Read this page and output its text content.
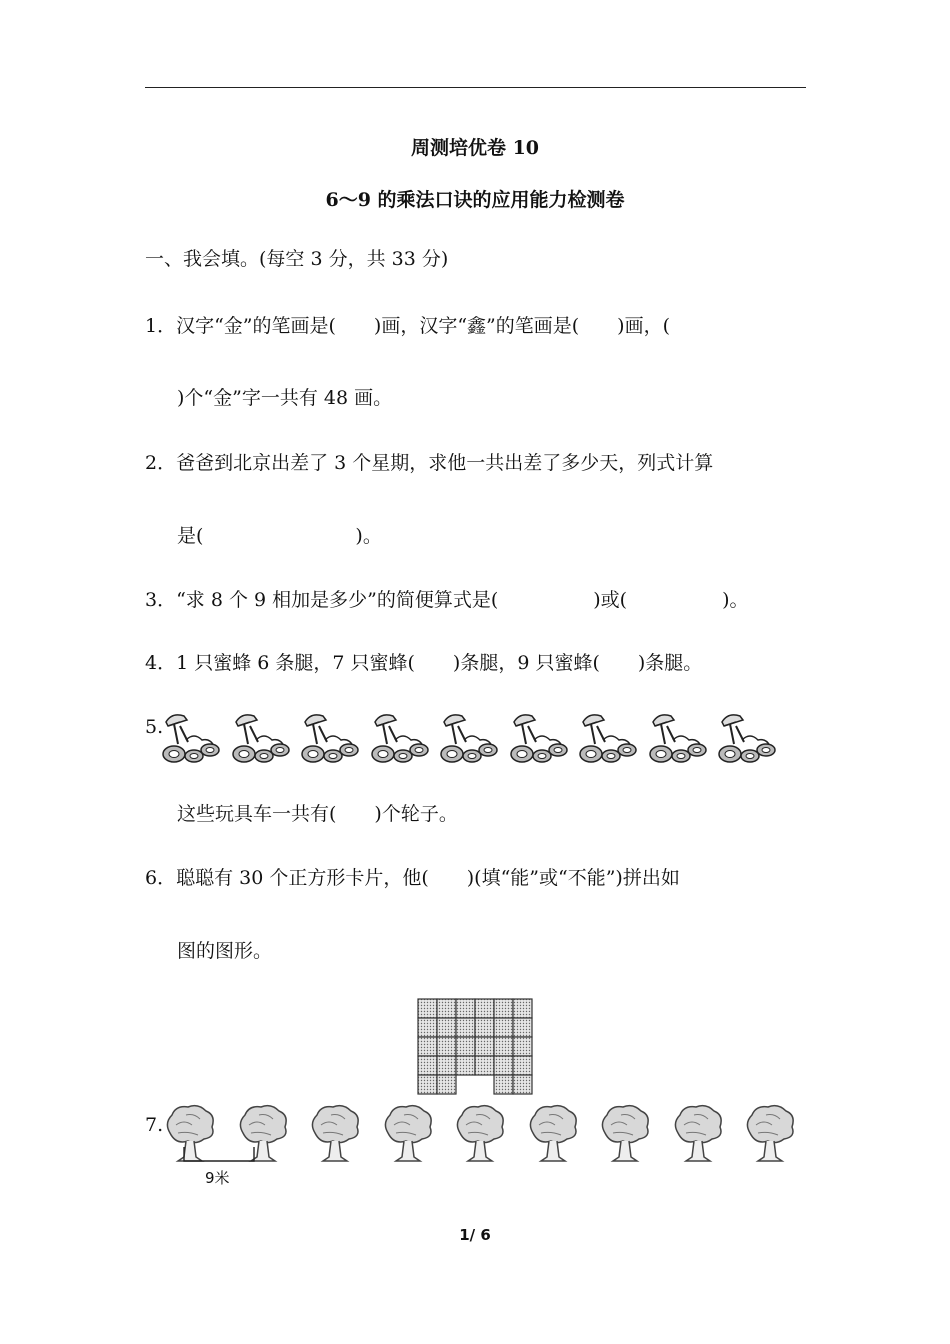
周测培优卷 10
6～9 的乘法口诀的应用能力检测卷
一、我会填。(每空 3 分，共 33 分)
1．汉字“金”的笔画是(　　)画，汉字“鑫”的笔画是(　　)画，(
)个“金”字一共有 48 画。
2．爸爸到北京出差了 3 个星期，求他一共出差了多少天，列式计算
是(　　　　　　　　)。
3．“求 8 个 9 相加是多少”的简便算式是(　　　　　)或(　　　　　)。
4．1 只蜜蜂 6 条腿，7 只蜜蜂(　　)条腿，9 只蜜蜂(　　)条腿。
5.
这些玩具车一共有(　　)个轮子。
6．聪聪有 30 个正方形卡片，他(　　)(填“能”或“不能”)拼出如
图的图形。
7.
9米
1/ 6
